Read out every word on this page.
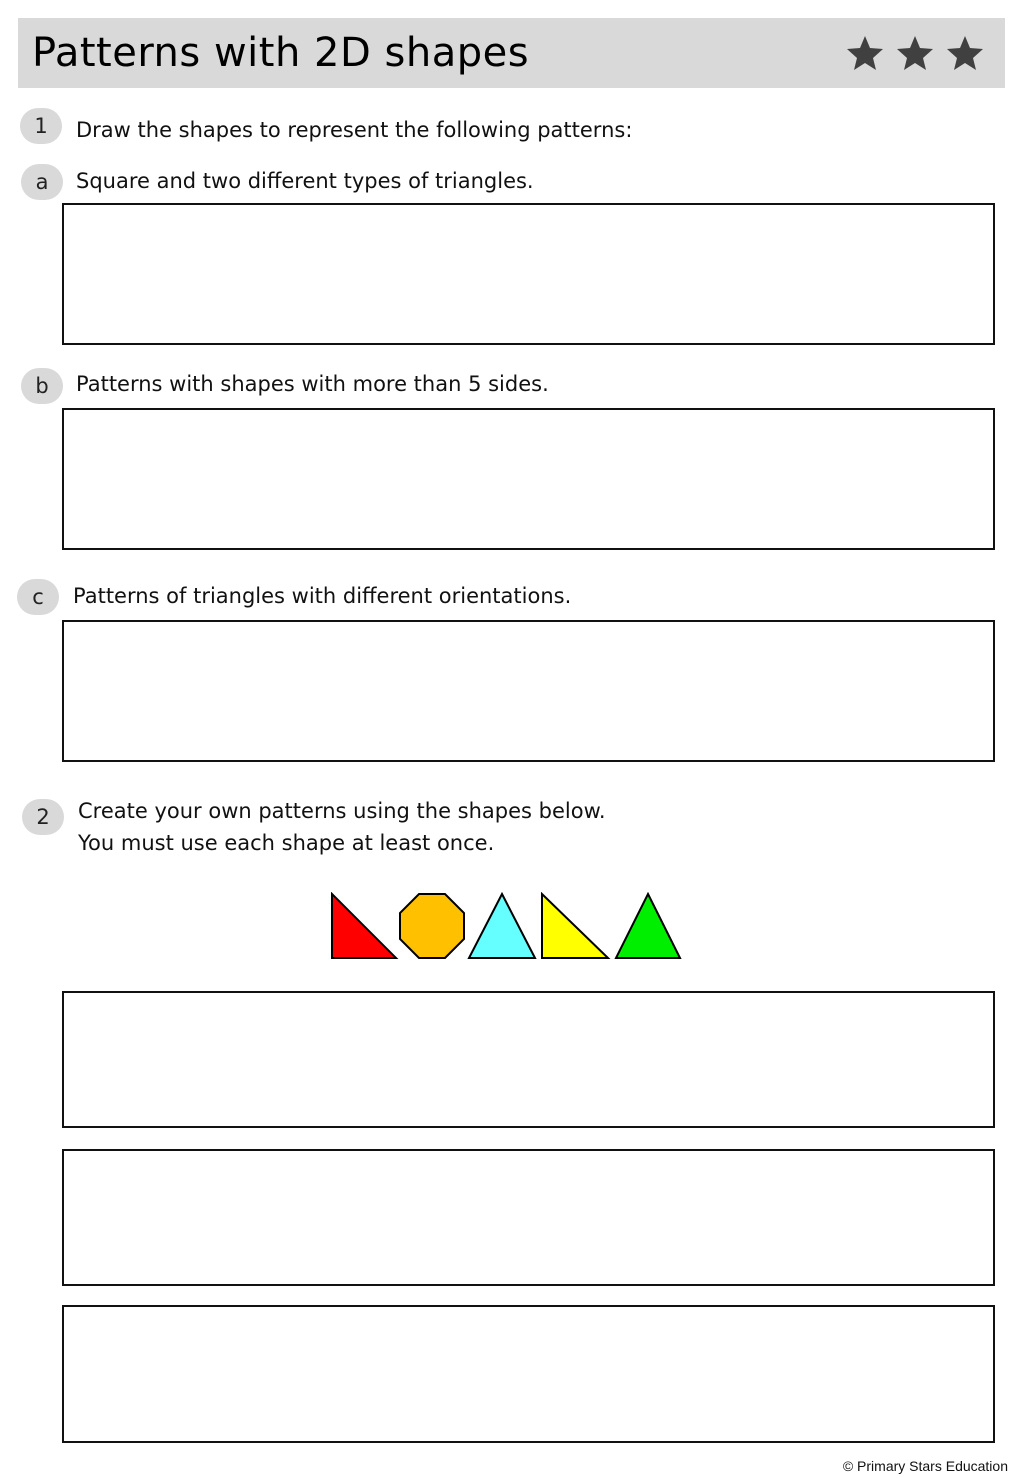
Patterns with 2D shapes
1	Draw the shapes to represent the following patterns:
a	Square and two different types of triangles.
b	Patterns with shapes with more than 5 sides.
c	Patterns of triangles with different orientations.
2	Create your own patterns using the shapes below.
You must use each shape at least once.
© Primary Stars Education
